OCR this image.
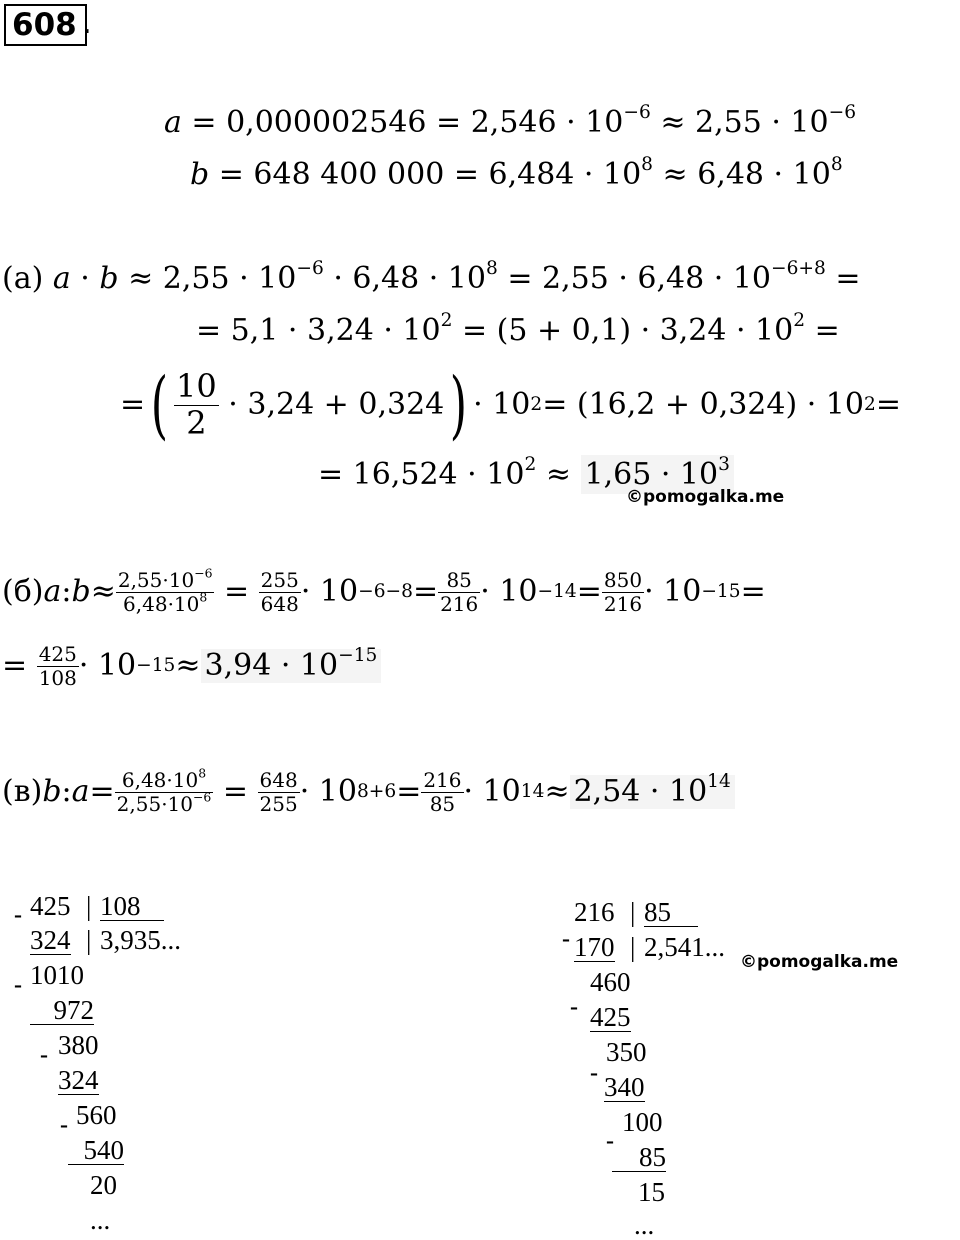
608 .
$a = 0,000002546 = 2,546 \cdot 10^{-6} \approx 2,55 \cdot 10^{-6}$
b = 648 400 $000 = 6,484 \cdot 10^8 \approx 6,48 \cdot 10^8$
(а) $a \cdot b \approx 2,55 \cdot 10^{-6} \cdot 6,48 \cdot 10^8 = 2,55 \cdot 6,48 \cdot 10^{-6+8}$ =
= $5,1 \cdot 3,24 \cdot 10^2 = (5 + 0,1) \cdot 3,24 \cdot 10^2$ =
= ( $\frac{10}{2}$
· 3,24 + 0,324 ) · 10 2 = (16,2 + 0,324) · 10 2 =
= $16,524 \cdot 10^2 \approx 1,65 \cdot 10^3$
©pomogalka.me
(б) a : $b \approx \frac{2,55\cdot 10^{-6}}{6,48\cdot 10^8} = \frac{255}{648} \cdot 10 -6-8 = \frac{85}{216} \cdot 10 -14 = \frac{850}{216} \cdot 10 -15$ =
=
$\frac{425}{108} \cdot 10 -15 \approx 3,94 \cdot 10^{-15}$
(в) b : $a = \frac{6,48\cdot 10^8}{2,55\cdot 10^{-6}} = \frac{648}{255} \cdot 10$ $8+6 = \frac{216}{85} \cdot 10$ $14 \approx 2,54 \cdot 10^{14}$
- 425 | 108
324 | 3,935...
- 1010
972
- 380
324
- 560
540
20
...
216 | 85
- 170 | 2,541... ©pomogalka.me
-
460
425
-
350
340
-
100
85
15
...
